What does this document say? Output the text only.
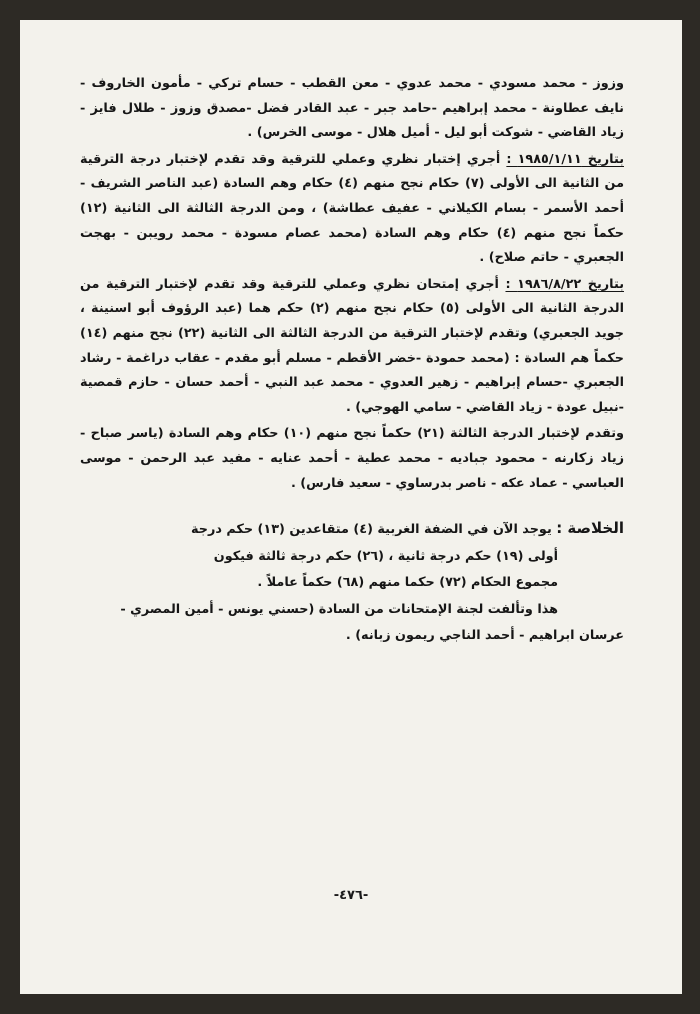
وزوز - محمد مسودي - محمد عدوي - معن القطب - حسام تركي - مأمون الخاروف - نايف عطاونة - محمد إبراهيم -حامد جبر - عبد القادر فضل -مصدق وزوز - طلال فايز - زياد القاضي - شوكت أبو ليل - أميل هلال - موسى الخرس) .

بتاريخ ١٩٨٥/١/١١ : أجري إختبار نظري وعملي للترقية وقد تقدم لإختبار درجة الترقية من الثانية الى الأولى (٧) حكام نجح منهم (٤) حكام وهم السادة (عبد الناصر الشريف - أحمد الأسمر - بسام الكيلاني - عفيف عطاشة) ، ومن الدرجة الثالثة الى الثانية (١٢) حكماً نجح منهم (٤) حكام وهم السادة (محمد عصام مسودة - محمد رويبن - بهجت الجعبري - حاتم صلاح) .

بتاريخ ١٩٨٦/٨/٢٢ : أجري إمتحان نظري وعملي للترقية وقد تقدم لإختبار الترقية من الدرجة الثانية الى الأولى (٥) حكام نجح منهم (٢) حكم هما (عبد الرؤوف أبو اسنينة ، جويد الجعبري) وتقدم لإختبار الترقية من الدرجة الثالثة الى الثانية (٢٢) نجح منهم (١٤) حكماً هم السادة : (محمد حمودة -خضر الأقطم - مسلم أبو مقدم - عقاب دراغمة - رشاد الجعبري -حسام إبراهيم - زهير العدوي - محمد عبد النبي - أحمد حسان - حازم قمصية -نبيل عودة - زياد القاضي - سامي الهوجي) .

وتقدم لإختبار الدرجة الثالثة (٢١) حكماً نجح منهم (١٠) حكام وهم السادة (ياسر صباح - زياد زكارنه - محمود جباديه - محمد عطية - أحمد عنايه - مفيد عبد الرحمن - موسى العباسي - عماد عكه - ناصر بدرساوي - سعيد فارس) .

الخلاصة : يوجد الآن في الضفة الغربية (٤) متقاعدين (١٣) حكم درجة

أولى (١٩) حكم درجة ثانية ، (٢٦) حكم درجة ثالثة فيكون

مجموع الحكام (٧٢) حكما منهم (٦٨) حكماً عاملاً .

هذا وتألفت لجنة الإمتحانات من السادة (حسني يونس - أمين المصري -

عرسان ابراهيم - أحمد الناجي ريمون زبانه) .

-٤٧٦-
